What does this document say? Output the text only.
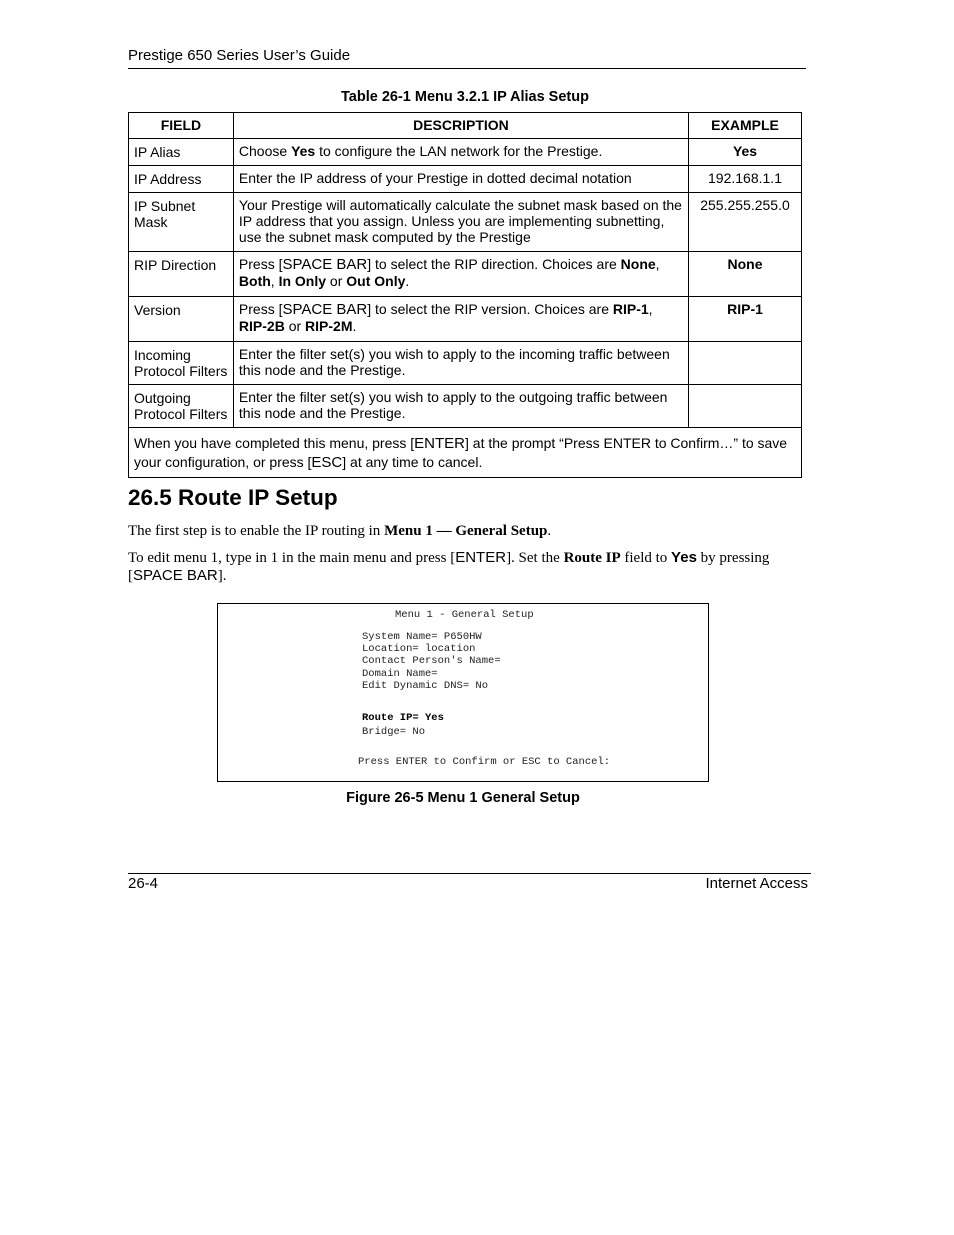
Prestige 650 Series User’s Guide
Table 26-1 Menu 3.2.1 IP Alias Setup
FIELD	DESCRIPTION	EXAMPLE
IP Alias	Choose Yes to configure the LAN network for the Prestige.	Yes
IP Address	Enter the IP address of your Prestige in dotted decimal notation	192.168.1.1
IP Subnet Mask	Your Prestige will automatically calculate the subnet mask based on the IP address that you assign. Unless you are implementing subnetting, use the subnet mask computed by the Prestige	255.255.255.0
RIP Direction	Press [SPACE BAR] to select the RIP direction. Choices are None, Both, In Only or Out Only.	None
Version	Press [SPACE BAR] to select the RIP version. Choices are RIP-1, RIP-2B or RIP-2M.	RIP-1
Incoming Protocol Filters	Enter the filter set(s) you wish to apply to the incoming traffic between this node and the Prestige.	
Outgoing Protocol Filters	Enter the filter set(s) you wish to apply to the outgoing traffic between this node and the Prestige.	
When you have completed this menu, press [ENTER] at the prompt “Press ENTER to Confirm…” to save your configuration, or press [ESC] at any time to cancel.		
26.5 Route IP Setup
The first step is to enable the IP routing in Menu 1 — General Setup.
To edit menu 1, type in 1 in the main menu and press [ENTER]. Set the Route IP field to Yes by pressing [SPACE BAR].
Menu 1 - General Setup
System Name= P650HW
Location= location
Contact Person's Name=
Domain Name=
Edit Dynamic DNS= No
Route IP= Yes
Bridge= No
Press ENTER to Confirm or ESC to Cancel:
Figure 26-5 Menu 1 General Setup
26-4	Internet Access
